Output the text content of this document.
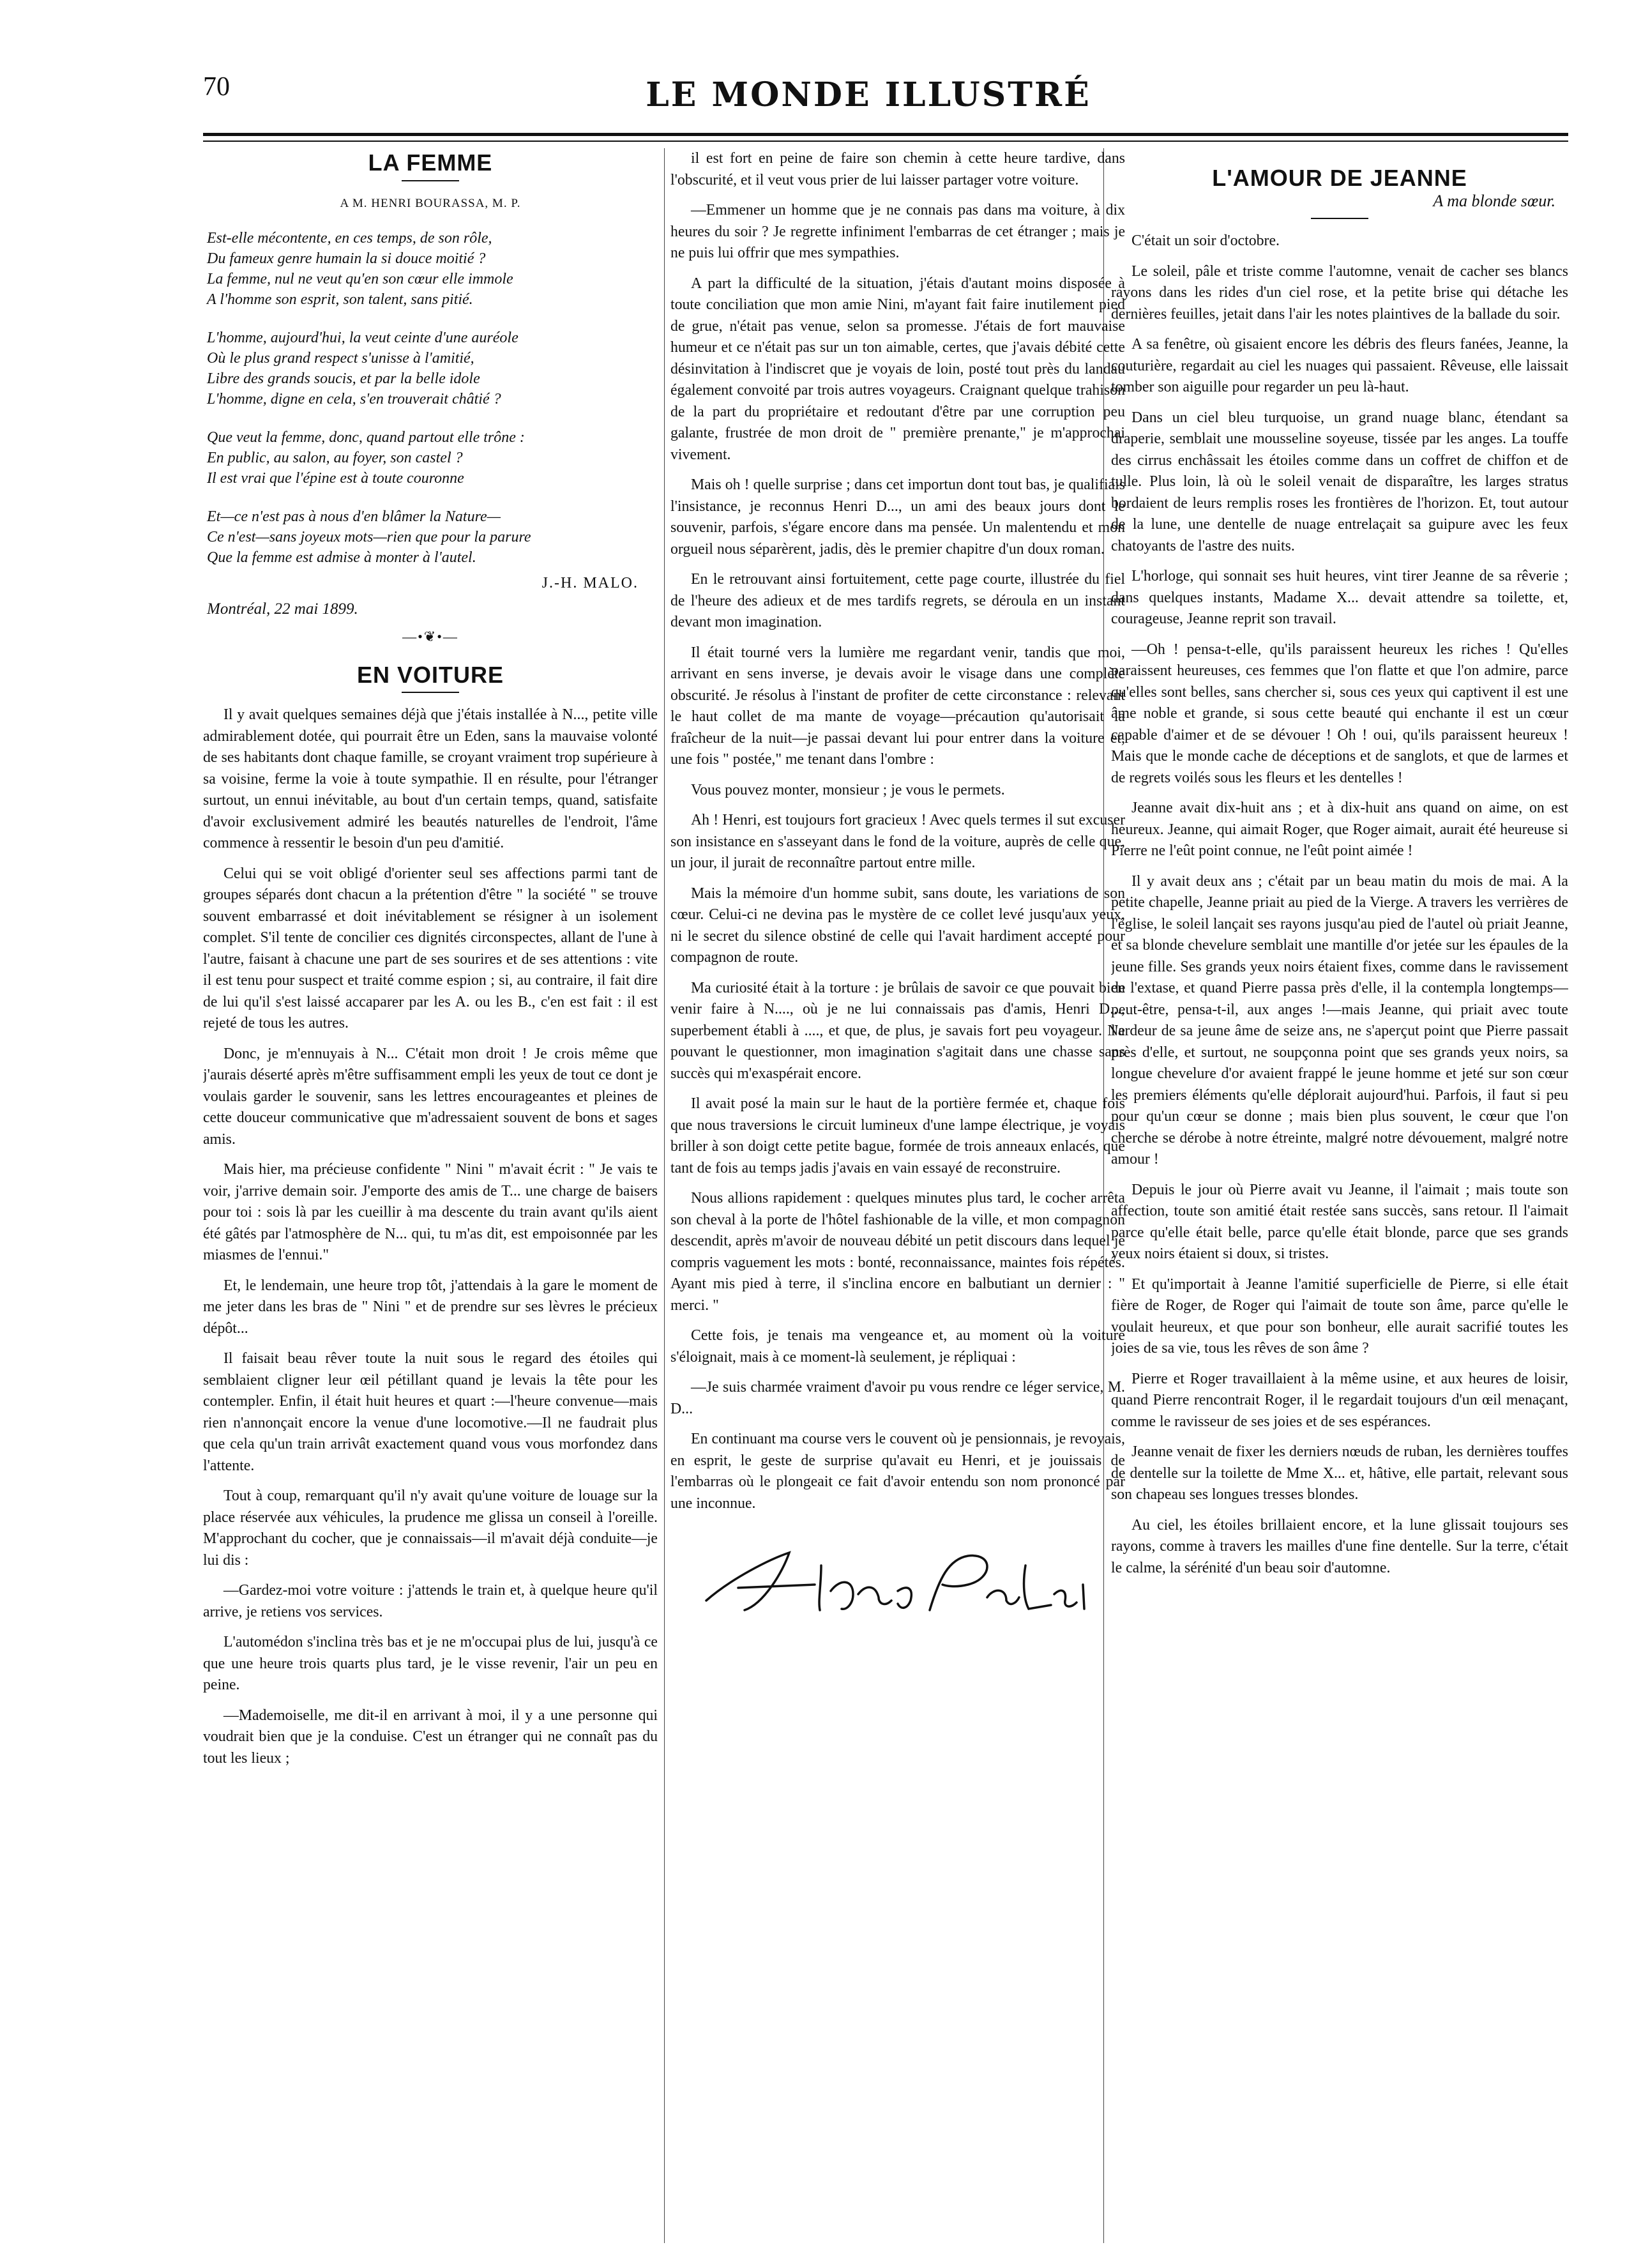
70	LE MONDE ILLUSTRÉ
LA FEMME
A M. HENRI BOURASSA, M. P.
Est-elle mécontente, en ces temps, de son rôle,
Du fameux genre humain la si douce moitié ?
La femme, nul ne veut qu'en son cœur elle immole
A l'homme son esprit, son talent, sans pitié.
L'homme, aujourd'hui, la veut ceinte d'une auréole
Où le plus grand respect s'unisse à l'amitié,
Libre des grands soucis, et par la belle idole
L'homme, digne en cela, s'en trouverait châtié ?
Que veut la femme, donc, quand partout elle trône :
En public, au salon, au foyer, son castel ?
Il est vrai que l'épine est à toute couronne
Et—ce n'est pas à nous d'en blâmer la Nature—
Ce n'est—sans joyeux mots—rien que pour la parure
Que la femme est admise à monter à l'autel.
J.-H. MALO.
Montréal, 22 mai 1899.
—•❦•—
EN VOITURE

Il y avait quelques semaines déjà que j'étais installée à N..., petite ville admirablement dotée, qui pourrait être un Eden, sans la mauvaise volonté de ses habitants dont chaque famille, se croyant vraiment trop supérieure à sa voisine, ferme la voie à toute sympathie. Il en résulte, pour l'étranger surtout, un ennui inévitable, au bout d'un certain temps, quand, satisfaite d'avoir exclusivement admiré les beautés naturelles de l'endroit, l'âme commence à ressentir le besoin d'un peu d'amitié.

Celui qui se voit obligé d'orienter seul ses affections parmi tant de groupes séparés dont chacun a la prétention d'être " la société " se trouve souvent embarrassé et doit inévitablement se résigner à un isolement complet. S'il tente de concilier ces dignités circonspectes, allant de l'une à l'autre, faisant à chacune une part de ses sourires et de ses attentions : vite il est tenu pour suspect et traité comme espion ; si, au contraire, il fait dire de lui qu'il s'est laissé accaparer par les A. ou les B., c'en est fait : il est rejeté de tous les autres.

Donc, je m'ennuyais à N... C'était mon droit ! Je crois même que j'aurais déserté après m'être suffisamment empli les yeux de tout ce dont je voulais garder le souvenir, sans les lettres encourageantes et pleines de cette douceur communicative que m'adressaient souvent de bons et sages amis.

Mais hier, ma précieuse confidente " Nini " m'avait écrit : " Je vais te voir, j'arrive demain soir. J'emporte des amis de T... une charge de baisers pour toi : sois là par les cueillir à ma descente du train avant qu'ils aient été gâtés par l'atmosphère de N... qui, tu m'as dit, est empoisonnée par les miasmes de l'ennui."

Et, le lendemain, une heure trop tôt, j'attendais à la gare le moment de me jeter dans les bras de " Nini " et de prendre sur ses lèvres le précieux dépôt...

Il faisait beau rêver toute la nuit sous le regard des étoiles qui semblaient cligner leur œil pétillant quand je levais la tête pour les contempler. Enfin, il était huit heures et quart :—l'heure convenue—mais rien n'annonçait encore la venue d'une locomotive.—Il ne faudrait plus que cela qu'un train arrivât exactement quand vous vous morfondez dans l'attente.

Tout à coup, remarquant qu'il n'y avait qu'une voiture de louage sur la place réservée aux véhicules, la prudence me glissa un conseil à l'oreille. M'approchant du cocher, que je connaissais—il m'avait déjà conduite—je lui dis :

—Gardez-moi votre voiture : j'attends le train et, à quelque heure qu'il arrive, je retiens vos services.

L'automédon s'inclina très bas et je ne m'occupai plus de lui, jusqu'à ce que une heure trois quarts plus tard, je le visse revenir, l'air un peu en peine.

—Mademoiselle, me dit-il en arrivant à moi, il y a une personne qui voudrait bien que je la conduise. C'est un étranger qui ne connaît pas du tout les lieux ;

il est fort en peine de faire son chemin à cette heure tardive, dans l'obscurité, et il veut vous prier de lui laisser partager votre voiture.

—Emmener un homme que je ne connais pas dans ma voiture, à dix heures du soir ? Je regrette infiniment l'embarras de cet étranger ; mais je ne puis lui offrir que mes sympathies.

A part la difficulté de la situation, j'étais d'autant moins disposée à toute conciliation que mon amie Nini, m'ayant fait faire inutilement pied de grue, n'était pas venue, selon sa promesse. J'étais de fort mauvaise humeur et ce n'était pas sur un ton aimable, certes, que j'avais débité cette désinvitation à l'indiscret que je voyais de loin, posté tout près du landau également convoité par trois autres voyageurs. Craignant quelque trahison de la part du propriétaire et redoutant d'être par une corruption peu galante, frustrée de mon droit de " première prenante," je m'approchai vivement.

Mais oh ! quelle surprise ; dans cet importun dont tout bas, je qualifiais l'insistance, je reconnus Henri D..., un ami des beaux jours dont le souvenir, parfois, s'égare encore dans ma pensée. Un malentendu et mon orgueil nous séparèrent, jadis, dès le premier chapitre d'un doux roman.

En le retrouvant ainsi fortuitement, cette page courte, illustrée du fiel de l'heure des adieux et de mes tardifs regrets, se déroula en un instant devant mon imagination.

Il était tourné vers la lumière me regardant venir, tandis que moi, arrivant en sens inverse, je devais avoir le visage dans une complète obscurité. Je résolus à l'instant de profiter de cette circonstance : relevant le haut collet de ma mante de voyage—précaution qu'autorisait la fraîcheur de la nuit—je passai devant lui pour entrer dans la voiture et, une fois " postée," me tenant dans l'ombre :

Vous pouvez monter, monsieur ; je vous le permets.

Ah ! Henri, est toujours fort gracieux ! Avec quels termes il sut excuser son insistance en s'asseyant dans le fond de la voiture, auprès de celle que, un jour, il jurait de reconnaître partout entre mille.

Mais la mémoire d'un homme subit, sans doute, les variations de son cœur. Celui-ci ne devina pas le mystère de ce collet levé jusqu'aux yeux, ni le secret du silence obstiné de celle qui l'avait hardiment accepté pour compagnon de route.

Ma curiosité était à la torture : je brûlais de savoir ce que pouvait bien venir faire à N...., où je ne lui connaissais pas d'amis, Henri D..., superbement établi à ...., et que, de plus, je savais fort peu voyageur. Ne pouvant le questionner, mon imagination s'agitait dans une chasse sans succès qui m'exaspérait encore.

Il avait posé la main sur le haut de la portière fermée et, chaque fois que nous traversions le circuit lumineux d'une lampe électrique, je voyais briller à son doigt cette petite bague, formée de trois anneaux enlacés, que tant de fois au temps jadis j'avais en vain essayé de reconstruire.

Nous allions rapidement : quelques minutes plus tard, le cocher arrêta son cheval à la porte de l'hôtel fashionable de la ville, et mon compagnon descendit, après m'avoir de nouveau débité un petit discours dans lequel je compris vaguement les mots : bonté, reconnaissance, maintes fois répétés. Ayant mis pied à terre, il s'inclina encore en balbutiant un dernier : " merci. "

Cette fois, je tenais ma vengeance et, au moment où la voiture s'éloignait, mais à ce moment-là seulement, je répliquai :

—Je suis charmée vraiment d'avoir pu vous rendre ce léger service, M. D...

En continuant ma course vers le couvent où je pensionnais, je revoyais, en esprit, le geste de surprise qu'avait eu Henri, et je jouissais de l'embarras où le plongeait ce fait d'avoir entendu son nom prononcé par une inconnue.

Aimée Patrie
L'AMOUR DE JEANNE
A ma blonde sœur.

C'était un soir d'octobre.

Le soleil, pâle et triste comme l'automne, venait de cacher ses blancs rayons dans les rides d'un ciel rose, et la petite brise qui détache les dernières feuilles, jetait dans l'air les notes plaintives de la ballade du soir.

A sa fenêtre, où gisaient encore les débris des fleurs fanées, Jeanne, la couturière, regardait au ciel les nuages qui passaient. Rêveuse, elle laissait tomber son aiguille pour regarder un peu là-haut.

Dans un ciel bleu turquoise, un grand nuage blanc, étendant sa draperie, semblait une mousseline soyeuse, tissée par les anges. La touffe des cirrus enchâssait les étoiles comme dans un coffret de chiffon et de tulle. Plus loin, là où le soleil venait de disparaître, les larges stratus bordaient de leurs remplis roses les frontières de l'horizon. Et, tout autour de la lune, une dentelle de nuage entrelaçait sa guipure avec les feux chatoyants de l'astre des nuits.

L'horloge, qui sonnait ses huit heures, vint tirer Jeanne de sa rêverie ; dans quelques instants, Madame X... devait attendre sa toilette, et, courageuse, Jeanne reprit son travail.

—Oh ! pensa-t-elle, qu'ils paraissent heureux les riches ! Qu'elles paraissent heureuses, ces femmes que l'on flatte et que l'on admire, parce qu'elles sont belles, sans chercher si, sous ces yeux qui captivent il est une âme noble et grande, si sous cette beauté qui enchante il est un cœur capable d'aimer et de se dévouer ! Oh ! oui, qu'ils paraissent heureux ! Mais que le monde cache de déceptions et de sanglots, et que de larmes et de regrets voilés sous les fleurs et les dentelles !

Jeanne avait dix-huit ans ; et à dix-huit ans quand on aime, on est heureux. Jeanne, qui aimait Roger, que Roger aimait, aurait été heureuse si Pierre ne l'eût point connue, ne l'eût point aimée !

Il y avait deux ans ; c'était par un beau matin du mois de mai. A la petite chapelle, Jeanne priait au pied de la Vierge. A travers les verrières de l'église, le soleil lançait ses rayons jusqu'au pied de l'autel où priait Jeanne, et sa blonde chevelure semblait une mantille d'or jetée sur les épaules de la jeune fille. Ses grands yeux noirs étaient fixes, comme dans le ravissement de l'extase, et quand Pierre passa près d'elle, il la contempla longtemps—peut-être, pensa-t-il, aux anges !—mais Jeanne, qui priait avec toute l'ardeur de sa jeune âme de seize ans, ne s'aperçut point que Pierre passait près d'elle, et surtout, ne soupçonna point que ses grands yeux noirs, sa longue chevelure d'or avaient frappé le jeune homme et jeté sur son cœur les premiers éléments qu'elle déplorait aujourd'hui. Parfois, il faut si peu pour qu'un cœur se donne ; mais bien plus souvent, le cœur que l'on cherche se dérobe à notre étreinte, malgré notre dévouement, malgré notre amour !

Depuis le jour où Pierre avait vu Jeanne, il l'aimait ; mais toute son affection, toute son amitié était restée sans succès, sans retour. Il l'aimait parce qu'elle était belle, parce qu'elle était blonde, parce que ses grands yeux noirs étaient si doux, si tristes.

Et qu'importait à Jeanne l'amitié superficielle de Pierre, si elle était fière de Roger, de Roger qui l'aimait de toute son âme, parce qu'elle le voulait heureux, et que pour son bonheur, elle aurait sacrifié toutes les joies de sa vie, tous les rêves de son âme ?

Pierre et Roger travaillaient à la même usine, et aux heures de loisir, quand Pierre rencontrait Roger, il le regardait toujours d'un œil menaçant, comme le ravisseur de ses joies et de ses espérances.

Jeanne venait de fixer les derniers nœuds de ruban, les dernières touffes de dentelle sur la toilette de Mme X... et, hâtive, elle partait, relevant sous son chapeau ses longues tresses blondes.

Au ciel, les étoiles brillaient encore, et la lune glissait toujours ses rayons, comme à travers les mailles d'une fine dentelle. Sur la terre, c'était le calme, la sérénité d'un beau soir d'automne.
